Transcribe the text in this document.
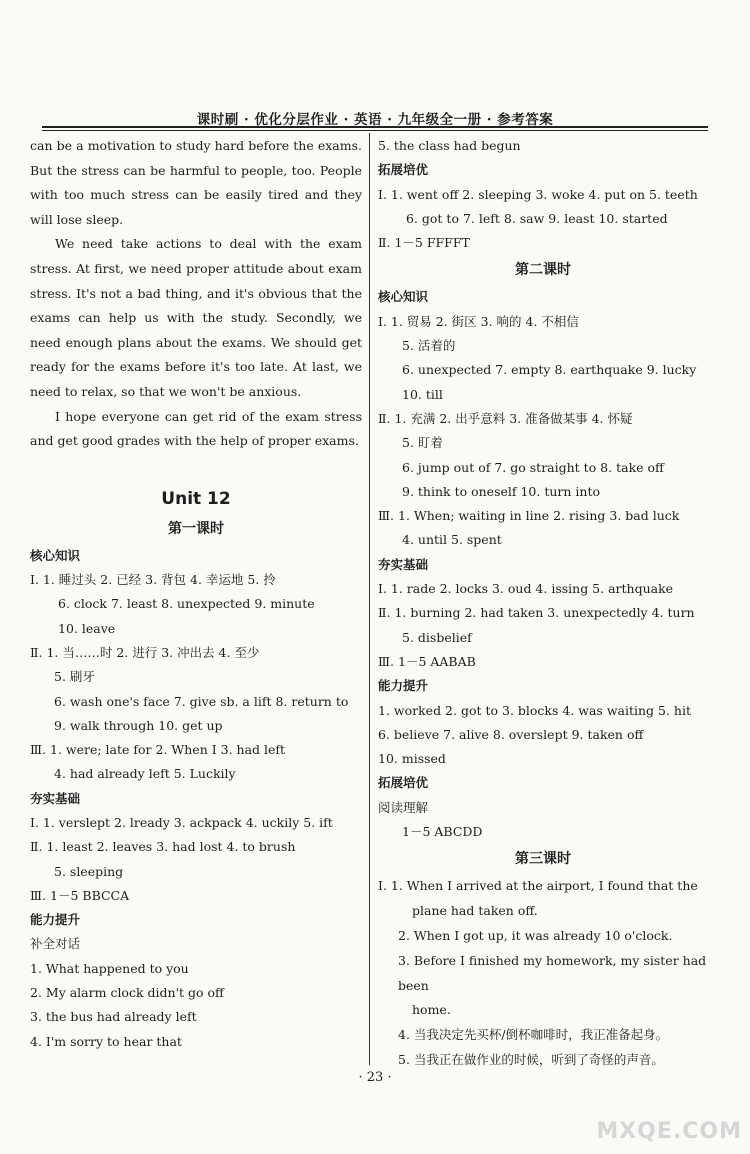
课时刷 · 优化分层作业 · 英语 · 九年级全一册 · 参考答案

can be a motivation to study hard before the exams. But the stress can be harmful to people, too. People with too much stress can be easily tired and they will lose sleep.

We need take actions to deal with the exam stress. At first, we need proper attitude about exam stress. It's not a bad thing, and it's obvious that the exams can help us with the study. Secondly, we need enough plans about the exams. We should get ready for the exams before it's too late. At last, we need to relax, so that we won't be anxious.

I hope everyone can get rid of the exam stress and get good grades with the help of proper exams.

Unit 12
第一课时
核心知识
Ⅰ. 1. 睡过头 2. 已经 3. 背包 4. 幸运地 5. 拎
6. clock 7. least 8. unexpected 9. minute
10. leave
Ⅱ. 1. 当……时 2. 进行 3. 冲出去 4. 至少
5. 刷牙
6. wash one's face 7. give sb. a lift 8. return to
9. walk through 10. get up
Ⅲ. 1. were; late for 2. When I 3. had left
4. had already left 5. Luckily
夯实基础
Ⅰ. 1. verslept 2. lready 3. ackpack 4. uckily 5. ift
Ⅱ. 1. least 2. leaves 3. had lost 4. to brush
5. sleeping
Ⅲ. 1－5 BBCCA
能力提升
补全对话
1. What happened to you
2. My alarm clock didn't go off
3. the bus had already left
4. I'm sorry to hear that
5. the class had begun
拓展培优
Ⅰ. 1. went off 2. sleeping 3. woke 4. put on 5. teeth
6. got to 7. left 8. saw 9. least 10. started
Ⅱ. 1－5 FFFFT
第二课时
核心知识
Ⅰ. 1. 贸易 2. 街区 3. 响的 4. 不相信
5. 活着的
6. unexpected 7. empty 8. earthquake 9. lucky
10. till
Ⅱ. 1. 充满 2. 出乎意料 3. 准备做某事 4. 怀疑
5. 盯着
6. jump out of 7. go straight to 8. take off
9. think to oneself 10. turn into
Ⅲ. 1. When; waiting in line 2. rising 3. bad luck
4. until 5. spent
夯实基础
Ⅰ. 1. rade 2. locks 3. oud 4. issing 5. arthquake
Ⅱ. 1. burning 2. had taken 3. unexpectedly 4. turn
5. disbelief
Ⅲ. 1－5 AABAB
能力提升
1. worked 2. got to 3. blocks 4. was waiting 5. hit
6. believe 7. alive 8. overslept 9. taken off
10. missed
拓展培优
阅读理解
1－5 ABCDD
第三课时
Ⅰ. 1. When I arrived at the airport, I found that the
plane had taken off.
2. When I got up, it was already 10 o'clock.
3. Before I finished my homework, my sister had been
home.
4. 当我决定先买杯/倒杯咖啡时，我正准备起身。
5. 当我正在做作业的时候，听到了奇怪的声音。
· 23 ·
MXQE.COM
